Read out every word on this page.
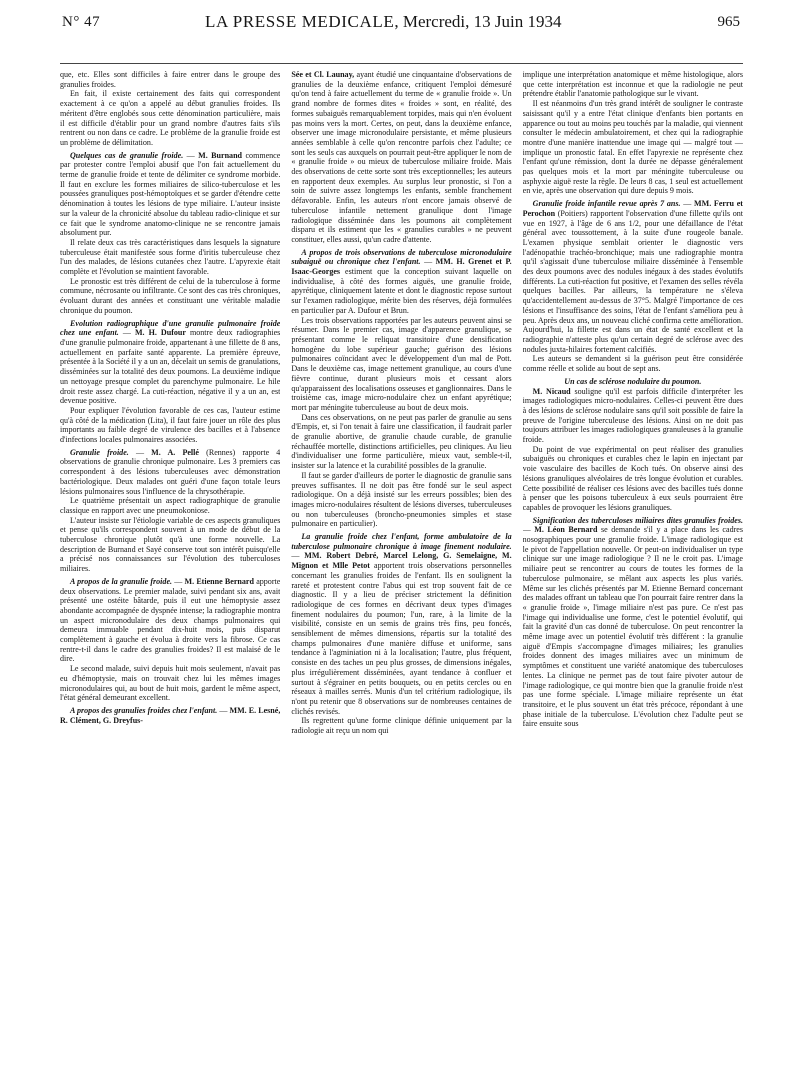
N° 47	LA PRESSE MEDICALE, Mercredi, 13 Juin 1934	965

que, etc. Elles sont difficiles à faire entrer dans le groupe des granulies froides.

En fait, il existe certainement des faits qui correspondent exactement à ce qu'on a appelé au début granulies froides. Ils méritent d'être englobés sous cette dénomination particulière, mais il est difficile d'établir pour un grand nombre d'autres faits s'ils rentrent ou non dans ce cadre. Le problème de la granulie froide est un problème de délimitation.

Quelques cas de granulie froide. — M. Burnand commence par protester contre l'emploi abusif que l'on fait actuellement du terme de granulie froide et tente de délimiter ce syndrome morbide. Il faut en exclure les formes miliaires de silico-tuberculose et les poussées granuliques post-hémoptoïques et se garder d'étendre cette dénomination à toutes les lésions de type miliaire. L'auteur insiste sur la valeur de la chronicité absolue du tableau radio-clinique et sur ce fait que le syndrome anatomo-clinique ne se rencontre jamais absolument pur.

Il relate deux cas très caractéristiques dans lesquels la signature tuberculeuse était manifestée sous forme d'iritis tuberculeuse chez l'un des malades, de lésions cutanées chez l'autre. L'apyrexie était complète et l'évolution se maintient favorable.

Le pronostic est très différent de celui de la tuberculose à forme commune, nécrosante ou infiltrante. Ce sont des cas très chroniques, évoluant durant des années et constituant une véritable maladie chronique du poumon.

Evolution radiographique d'une granulie pulmonaire froide chez une enfant. — M. H. Dufour montre deux radiographies d'une granulie pulmonaire froide, appartenant à une fillette de 8 ans, actuellement en parfaite santé apparente. La première épreuve, présentée à la Société il y a un an, décelait un semis de granulations, disséminées sur la totalité des deux poumons. La deuxième indique un nettoyage presque complet du parenchyme pulmonaire. Le hile droit reste assez chargé. La cuti-réaction, négative il y a un an, est devenue positive.

Pour expliquer l'évolution favorable de ces cas, l'auteur estime qu'à côté de la médication (Lita), il faut faire jouer un rôle des plus importants au faible degré de virulence des bacilles et à l'absence d'infections locales pulmonaires associées.

Granulie froide. — M. A. Pellé (Rennes) rapporte 4 observations de granulie chronique pulmonaire. Les 3 premiers cas correspondent à des lésions tuberculeuses avec démonstration bactériologique. Deux malades ont guéri d'une façon totale leurs lésions pulmonaires sous l'influence de la chrysothérapie.

Le quatrième présentait un aspect radiographique de granulie classique en rapport avec une pneumokoniose.

L'auteur insiste sur l'étiologie variable de ces aspects granuliques et pense qu'ils correspondent souvent à un mode de début de la tuberculose chronique plutôt qu'à une forme nouvelle. La description de Burnand et Sayé conserve tout son intérêt puisqu'elle a précisé nos connaissances sur l'évolution des tuberculoses miliaires.

A propos de la granulie froide. — M. Etienne Bernard apporte deux observations. Le premier malade, suivi pendant six ans, avait présenté une ostéite bâtarde, puis il eut une hémoptysie assez abondante accompagnée de dyspnée intense; la radiographie montra un aspect micronodulaire des deux champs pulmonaires qui demeura immuable pendant dix-huit mois, puis disparut complètement à gauche et évolua à droite vers la fibrose. Ce cas rentre-t-il dans le cadre des granulies froides? Il est malaisé de le dire.

Le second malade, suivi depuis huit mois seulement, n'avait pas eu d'hémoptysie, mais on trouvait chez lui les mêmes images micronodulaires qui, au bout de huit mois, gardent le même aspect, l'état général demeurant excellent.

A propos des granulies froides chez l'enfant. — MM. E. Lesné, R. Clément, G. Dreyfus-

Sée et Cl. Launay, ayant étudié une cinquantaine d'observations de granulies de la deuxième enfance, critiquent l'emploi démesuré qu'on tend à faire actuellement du terme de « granulie froide ». Un grand nombre de formes dites « froides » sont, en réalité, des formes subaiguës remarquablement torpides, mais qui n'en évoluent pas moins vers la mort. Certes, on peut, dans la deuxième enfance, observer une image micronodulaire persistante, et même plusieurs années semblable à celle qu'on rencontre parfois chez l'adulte; ce sont les seuls cas auxquels on pourrait peut-être appliquer le nom de « granulie froide » ou mieux de tuberculose miliaire froide. Mais des observations de cette sorte sont très exceptionnelles; les auteurs en rapportent deux exemples. Au surplus leur pronostic, si l'on a soin de suivre assez longtemps les enfants, semble franchement défavorable. Enfin, les auteurs n'ont encore jamais observé de tuberculose infantile nettement granulique dont l'image radiologique disséminée dans les poumons ait complètement disparu et ils estiment que les « granulies curables » ne peuvent constituer, elles aussi, qu'un cadre d'attente.

A propos de trois observations de tuberculose micronodulaire subaiguë ou chronique chez l'enfant. — MM. H. Grenet et P. Isaac-Georges estiment que la conception suivant laquelle on individualise, à côté des formes aiguës, une granulie froide, apyrétique, cliniquement latente et dont le diagnostic repose surtout sur l'examen radiologique, mérite bien des réserves, déjà formulées en particulier par A. Dufour et Brun.

Les trois observations rapportées par les auteurs peuvent ainsi se résumer. Dans le premier cas, image d'apparence granulique, se présentant comme le reliquat transitoire d'une densification homogène du lobe supérieur gauche; guérison des lésions pulmonaires coïncidant avec le développement d'un mal de Pott. Dans le deuxième cas, image nettement granulique, au cours d'une fièvre continue, durant plusieurs mois et cessant alors qu'apparaissent des localisations osseuses et ganglionnaires. Dans le troisième cas, image micro-nodulaire chez un enfant apyrétique; mort par méningite tuberculeuse au bout de deux mois.

Dans ces observations, on ne peut pas parler de granulie au sens d'Empis, et, si l'on tenait à faire une classification, il faudrait parler de granulie abortive, de granulie chaude curable, de granulie réchauffée mortelle, distinctions artificielles, peu cliniques. Au lieu d'individualiser une forme particulière, mieux vaut, semble-t-il, insister sur la latence et la curabilité possibles de la granulie.

Il faut se garder d'ailleurs de porter le diagnostic de granulie sans preuves suffisantes. Il ne doit pas être fondé sur le seul aspect radiologique. On a déjà insisté sur les erreurs possibles; bien des images micro-nodulaires résultent de lésions diverses, tuberculeuses ou non tuberculeuses (broncho-pneumonies simples et stase pulmonaire en particulier).

La granulie froide chez l'enfant, forme ambulatoire de la tuberculose pulmonaire chronique à image finement nodulaire. — MM. Robert Debré, Marcel Lelong, G. Semelaigne, M. Mignon et Mlle Petot apportent trois observations personnelles concernant les granulies froides de l'enfant. Ils en soulignent la rareté et protestent contre l'abus qui est trop souvent fait de ce diagnostic. Il y a lieu de préciser strictement la définition radiologique de ces formes en décrivant deux types d'images finement nodulaires du poumon; l'un, rare, à la limite de la visibilité, consiste en un semis de grains très fins, peu foncés, sensiblement de mêmes dimensions, répartis sur la totalité des champs pulmonaires d'une manière diffuse et uniforme, sans tendance à l'agminiation ni à la localisation; l'autre, plus fréquent, consiste en des taches un peu plus grosses, de dimensions inégales, plus irrégulièrement disséminées, ayant tendance à confluer et surtout à s'égrainer en petits bouquets, ou en petits cercles ou en réseaux à mailles serrés. Munis d'un tel critérium radiologique, ils n'ont pu retenir que 8 observations sur de nombreuses centaines de clichés revisés.

Ils regrettent qu'une forme clinique définie uniquement par la radiologie ait reçu un nom qui

implique une interprétation anatomique et même histologique, alors que cette interprétation est inconnue et que la radiologie ne peut prétendre établir l'anatomie pathologique sur le vivant.

Il est néanmoins d'un très grand intérêt de souligner le contraste saisissant qu'il y a entre l'état clinique d'enfants bien portants en apparence ou tout au moins peu touchés par la maladie, qui viennent consulter le médecin ambulatoirement, et chez qui la radiographie montre d'une manière inattendue une image qui — malgré tout — implique un pronostic fatal. En effet l'apyrexie ne représente chez l'enfant qu'une rémission, dont la durée ne dépasse généralement pas quelques mois et la mort par méningite tuberculeuse ou asphyxie aiguë reste la règle. De leurs 8 cas, 1 seul est actuellement en vie, après une observation qui dure depuis 9 mois.

Granulie froide infantile revue après 7 ans. — MM. Ferru et Perochon (Poitiers) rapportent l'observation d'une fillette qu'ils ont vue en 1927, à l'âge de 6 ans 1/2, pour une défaillance de l'état général avec toussottement, à la suite d'une rougeole banale. L'examen physique semblait orienter le diagnostic vers l'adénopathie trachéo-bronchique; mais une radiographie montra qu'il s'agissait d'une tuberculose miliaire disséminée à l'ensemble des deux poumons avec des nodules inégaux à des stades évolutifs différents. La cuti-réaction fut positive, et l'examen des selles révéla quelques bacilles. Par ailleurs, la température ne s'éleva qu'accidentellement au-dessus de 37°5. Malgré l'importance de ces lésions et l'insuffisance des soins, l'état de l'enfant s'améliora peu à peu. Après deux ans, un nouveau cliché confirma cette amélioration. Aujourd'hui, la fillette est dans un état de santé excellent et la radiographie n'atteste plus qu'un certain degré de sclérose avec des nodules juxta-hilaires fortement calcifiés.

Les auteurs se demandent si la guérison peut être considérée comme réelle et solide au bout de sept ans.

Un cas de sclérose nodulaire du poumon.

M. Nicaud souligne qu'il est parfois difficile d'interpréter les images radiologiques micro-nodulaires. Celles-ci peuvent être dues à des lésions de sclérose nodulaire sans qu'il soit possible de faire la preuve de l'origine tuberculeuse des lésions. Ainsi on ne doit pas toujours attribuer les images radiologiques granuleuses à la granulie froide.

Du point de vue expérimental on peut réaliser des granulies subaiguës ou chroniques et curables chez le lapin en injectant par voie vasculaire des bacilles de Koch tués. On observe ainsi des lésions granuliques alvéolaires de très longue évolution et curables. Cette possibilité de réaliser ces lésions avec des bacilles tués donne à penser que les poisons tuberculeux à eux seuls pourraient être capables de provoquer les lésions granuliques.

Signification des tuberculoses miliaires dites granulies froides. — M. Léon Bernard se demande s'il y a place dans les cadres nosographiques pour une granulie froide. L'image radiologique est le pivot de l'appellation nouvelle. Or peut-on individualiser un type clinique sur une image radiologique ? Il ne le croit pas. L'image miliaire peut se rencontrer au cours de toutes les formes de la tuberculose pulmonaire, se mêlant aux aspects les plus variés. Même sur les clichés présentés par M. Etienne Bernard concernant des malades offrant un tableau que l'on pourrait faire rentrer dans la « granulie froide », l'image miliaire n'est pas pure. Ce n'est pas l'image qui individualise une forme, c'est le potentiel évolutif, qui fait la gravité d'un cas donné de tuberculose. On peut rencontrer la même image avec un potentiel évolutif très différent : la granulie aiguë d'Empis s'accompagne d'images miliaires; les granulies froides donnent des images miliaires avec un minimum de symptômes et constituent une variété anatomique des tuberculoses lentes. La clinique ne permet pas de tout faire pivoter autour de l'image radiologique, ce qui montre bien que la granulie froide n'est pas une forme spéciale. L'image miliaire représente un état transitoire, et le plus souvent un état très précoce, répondant à une phase initiale de la tuberculose. L'évolution chez l'adulte peut se faire ensuite sous
